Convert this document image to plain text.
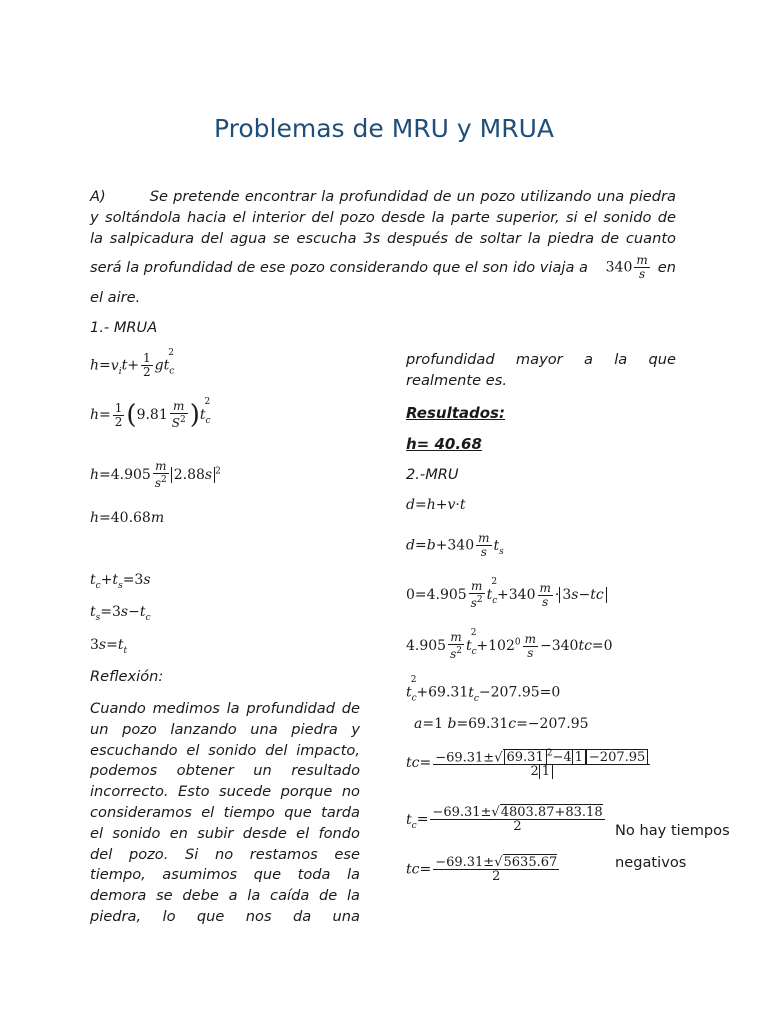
Problemas de MRU y MRUA
A)	Se pretende encontrar la profundidad de un pozo utilizando una piedra
y soltándola hacia el interior del pozo desde la parte superior, si el sonido de
la salpicadura del agua se escucha 3s después de soltar la piedra de cuanto
será la profundidad de ese pozo considerando que el son ido viaja a $340 \frac{m}{s}$ en
el aire.
1.- MRUA
$h=v_it+ \frac{1}{2} gt_c^2$
$h= \frac{1}{2} (9.81 \frac{m}{S^2} )t_c^2$
$h=4.905 \frac{m}{s^2} 2.88s$ $^2$
h=40.68m
$t_c+t_s=3s$
$t_s=3s-t_c$
$3s=t_t$
Reflexión:
Cuando medimos la profundidad de
un pozo lanzando una piedra y
escuchando el sonido del impacto,
podemos obtener un resultado
incorrecto. Esto sucede porque no
consideramos el tiempo que tarda
el sonido en subir desde el fondo
del pozo. Si no restamos ese
tiempo, asumimos que toda la
demora se debe a la caída de la
piedra, lo que nos da una
profundidad mayor a la que
realmente es.
Resultados:
h= 40.68
2.-MRU
d=h+v·t
$d=b+340 \frac{m}{s} t_s$
$0=4.905 \frac{m}{s^2} t_c^2+340 \frac{m}{s} \cdot 3s-tc$
$4.905 \frac{m}{s^2} t_c^2+102^0 \frac{m}{s} -340tc=0$
$t_c^2+69.31t_c-207.95=0$
a=1 b=69.31c=−207.95
$tc= \frac{-69.31\pm√ 69.31 ^2-4 1 -207.95}{2 1}$
$t_c= \frac{-69.31\pm√4803.87+83.18}{2}$
$tc= \frac{-69.31\pm√5635.67}{2}$
No hay tiempos
negativos
